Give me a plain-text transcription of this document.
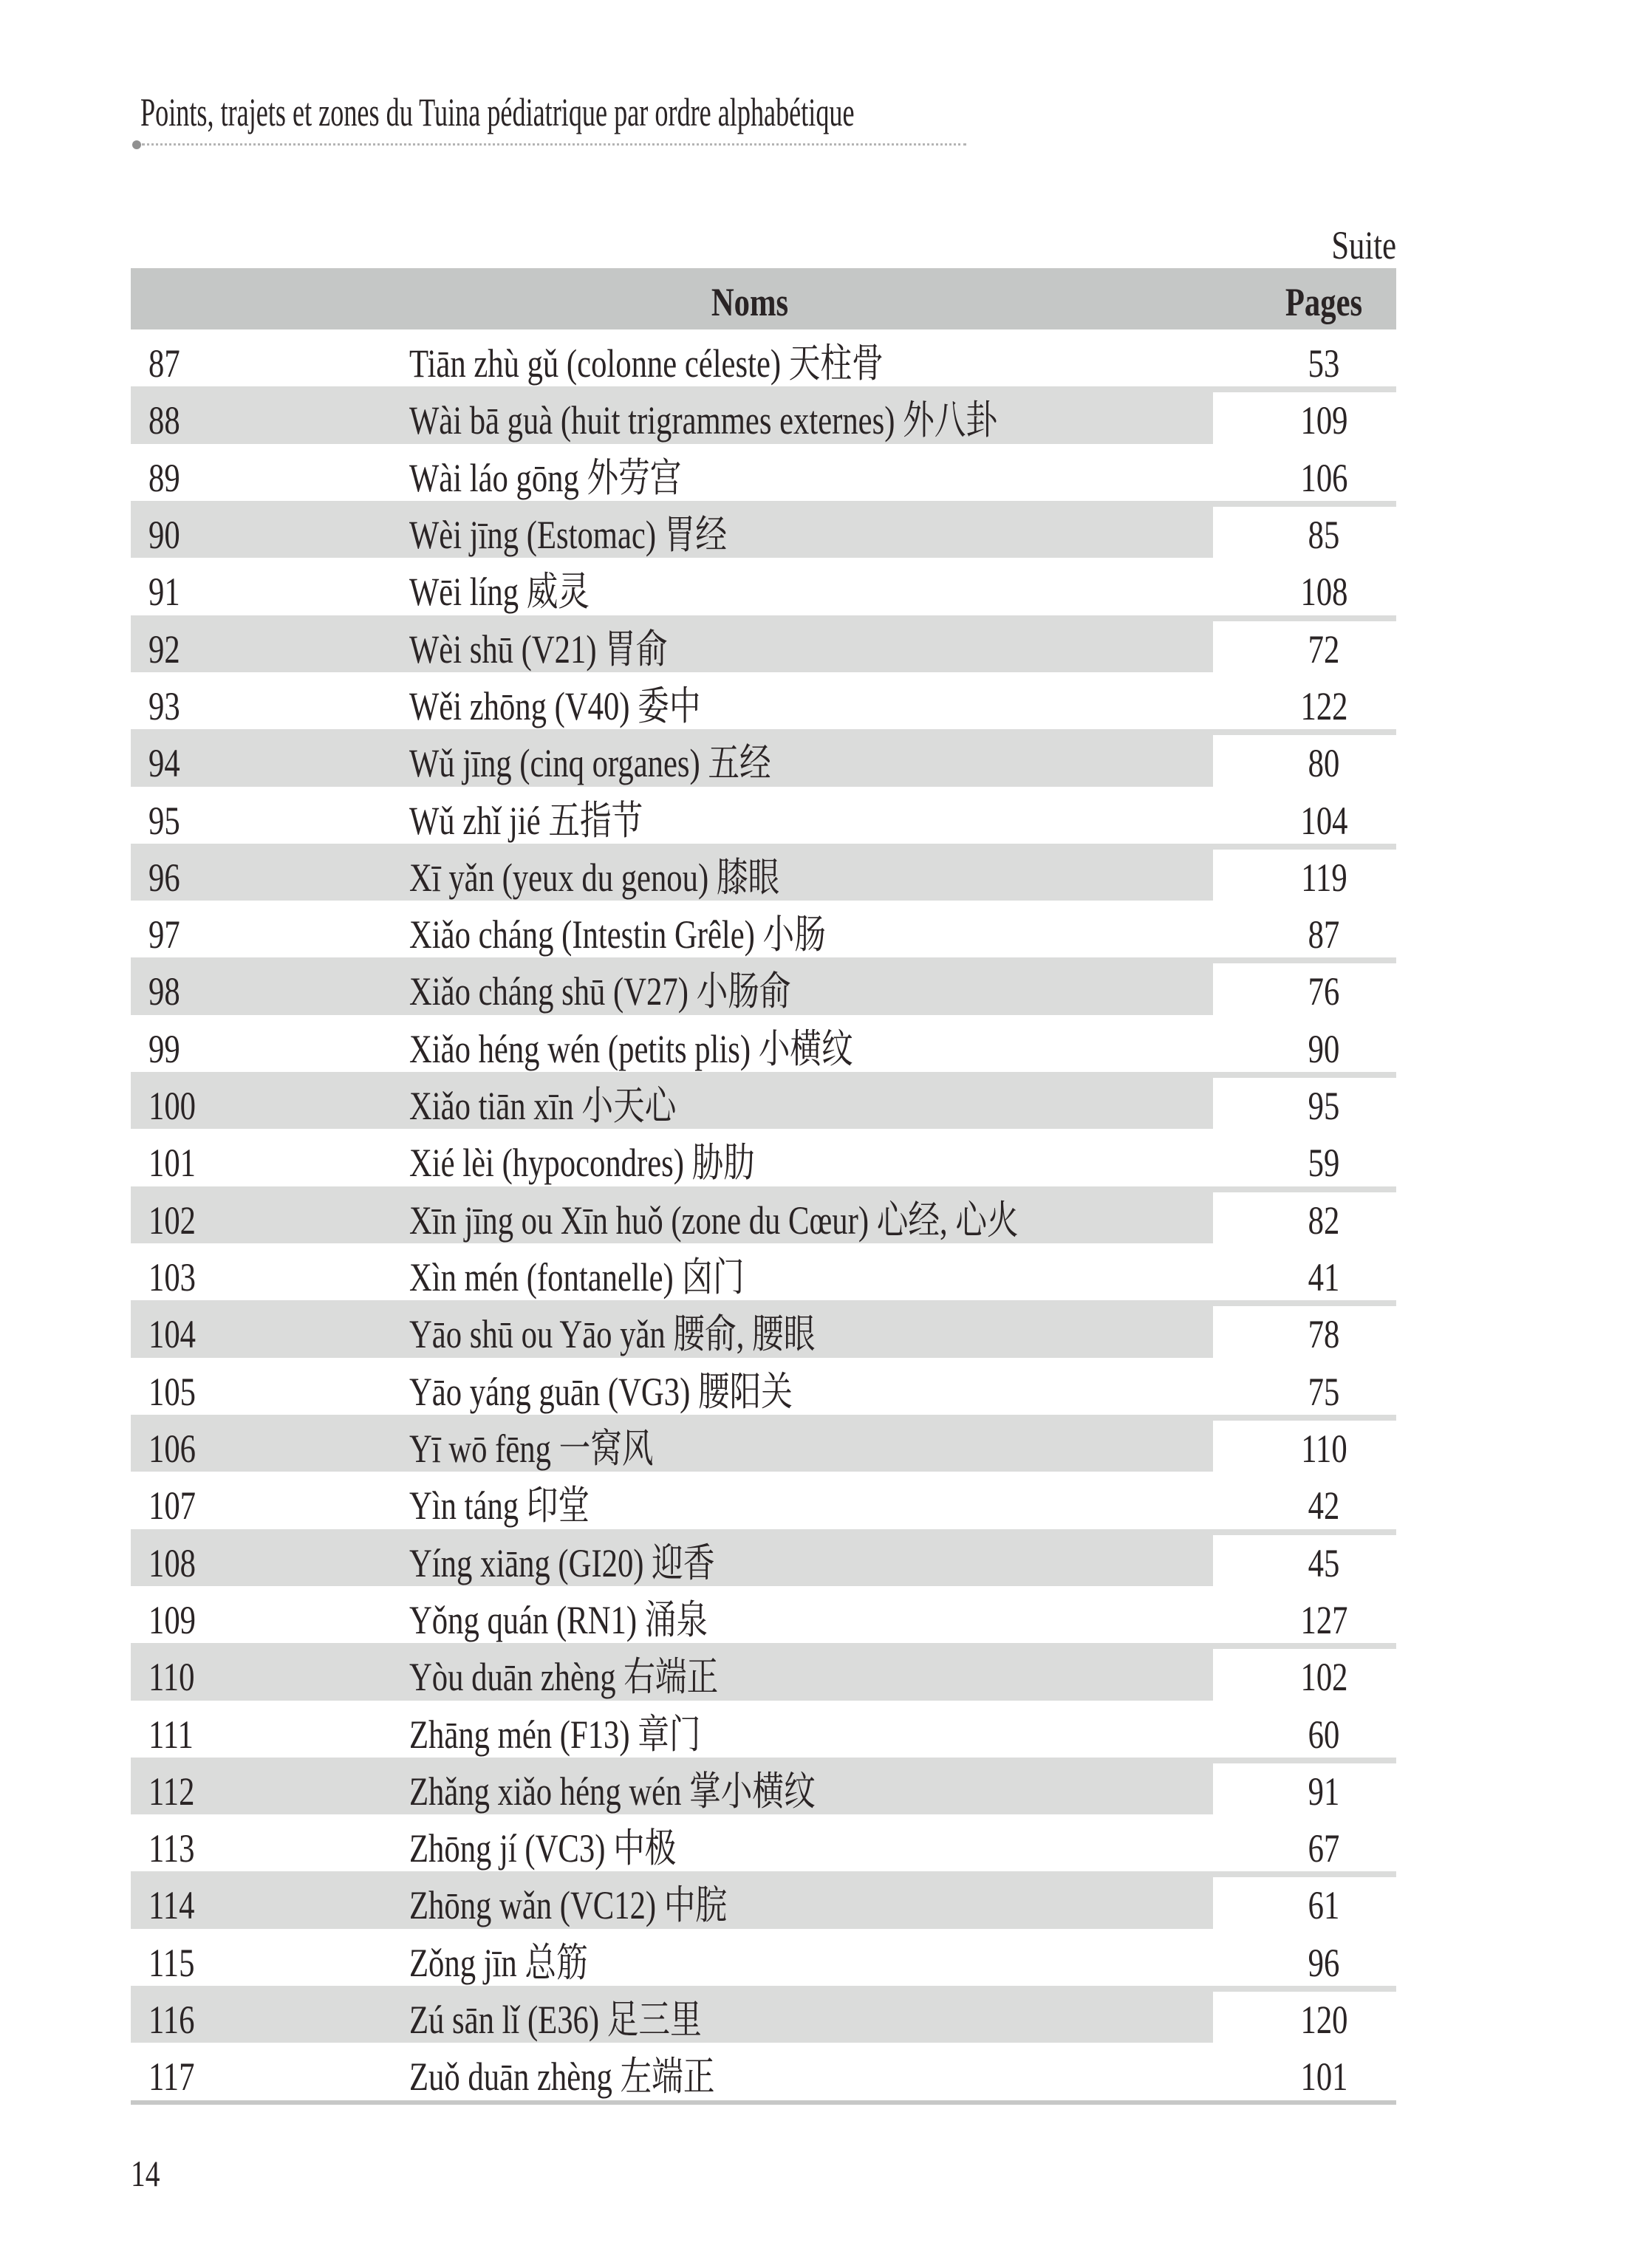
Points, trajets et zones du Tuina pédiatrique par ordre alphabétique
Suite
Noms	Pages
87	Tiān zhù gǔ (colonne céleste) 天柱骨	53
88	Wài bā guà (huit trigrammes externes) 外八卦	109
89	Wài láo gōng 外劳宫	106
90	Wèi jīng (Estomac) 胃经	85
91	Wēi líng 威灵	108
92	Wèi shū (V21) 胃俞	72
93	Wěi zhōng (V40) 委中	122
94	Wǔ jīng (cinq organes) 五经	80
95	Wǔ zhǐ jié 五指节	104
96	Xī yǎn (yeux du genou) 膝眼	119
97	Xiǎo cháng (Intestin Grêle) 小肠	87
98	Xiǎo cháng shū (V27) 小肠俞	76
99	Xiǎo héng wén (petits plis) 小横纹	90
100	Xiǎo tiān xīn 小天心	95
101	Xié lèi (hypocondres) 胁肋	59
102	Xīn jīng ou Xīn huǒ (zone du Cœur) 心经, 心火	82
103	Xìn mén (fontanelle) 囟门	41
104	Yāo shū ou Yāo yǎn 腰俞, 腰眼	78
105	Yāo yáng guān (VG3) 腰阳关	75
106	Yī wō fēng 一窝风	110
107	Yìn táng 印堂	42
108	Yíng xiāng (GI20) 迎香	45
109	Yǒng quán (RN1) 涌泉	127
110	Yòu duān zhèng 右端正	102
111	Zhāng mén (F13) 章门	60
112	Zhǎng xiǎo héng wén 掌小横纹	91
113	Zhōng jí (VC3) 中极	67
114	Zhōng wǎn (VC12) 中脘	61
115	Zǒng jīn 总筋	96
116	Zú sān lǐ (E36) 足三里	120
117	Zuǒ duān zhèng 左端正	101
14
